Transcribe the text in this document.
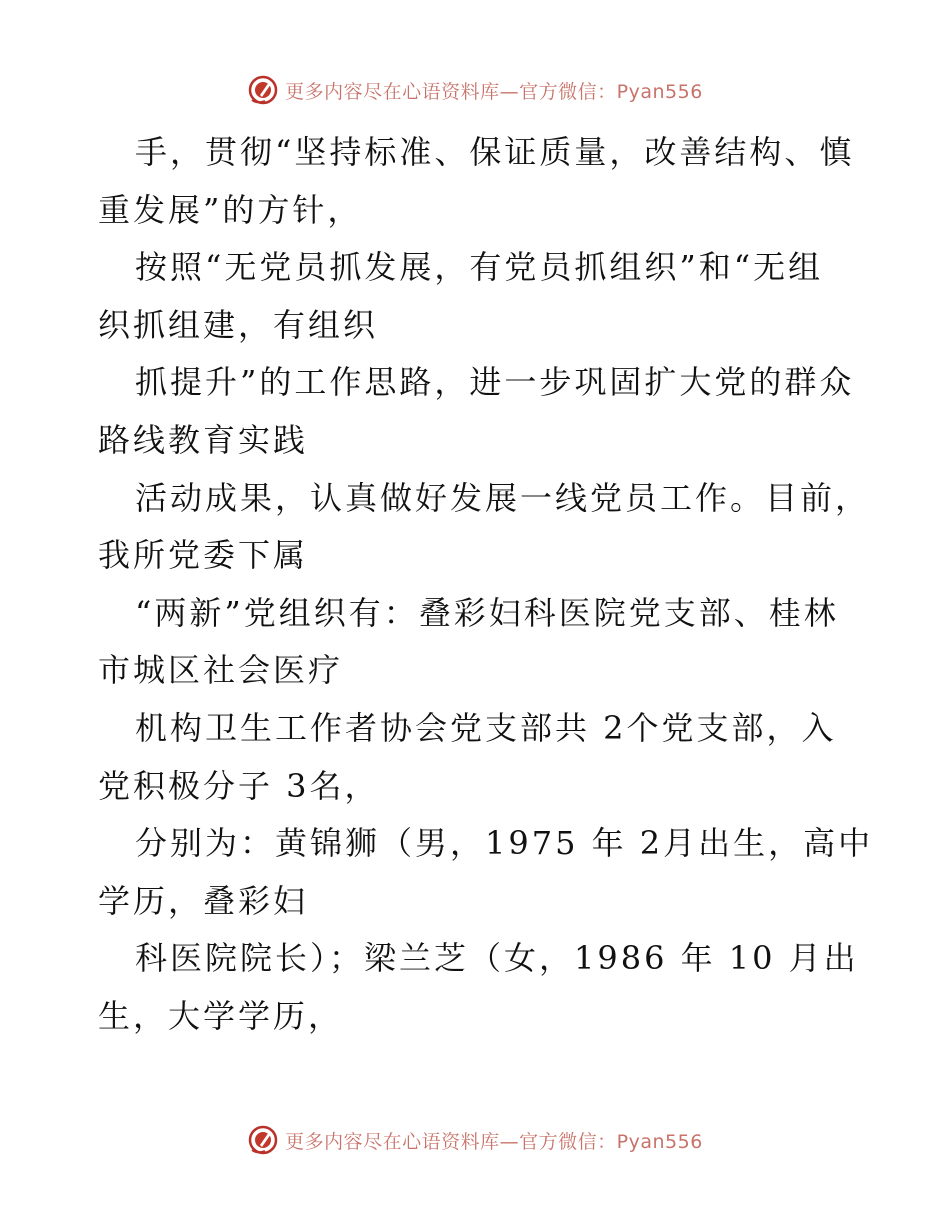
更多内容尽在心语资料库—官方微信：Pyan556
手，贯彻“坚持标准、保证质量，改善结构、慎
重发展”的方针，
按照“无党员抓发展，有党员抓组织”和“无组
织抓组建，有组织
抓提升”的工作思路，进一步巩固扩大党的群众
路线教育实践
活动成果，认真做好发展一线党员工作。目前，
我所党委下属
“两新”党组织有：叠彩妇科医院党支部、桂林
市城区社会医疗
机构卫生工作者协会党支部共 2个党支部，入
党积极分子 3名，
分别为：黄锦狮（男，1975 年 2月出生，高中
学历，叠彩妇
科医院院长）；梁兰芝（女，1986 年 10 月出
生，大学学历，
更多内容尽在心语资料库—官方微信：Pyan556
